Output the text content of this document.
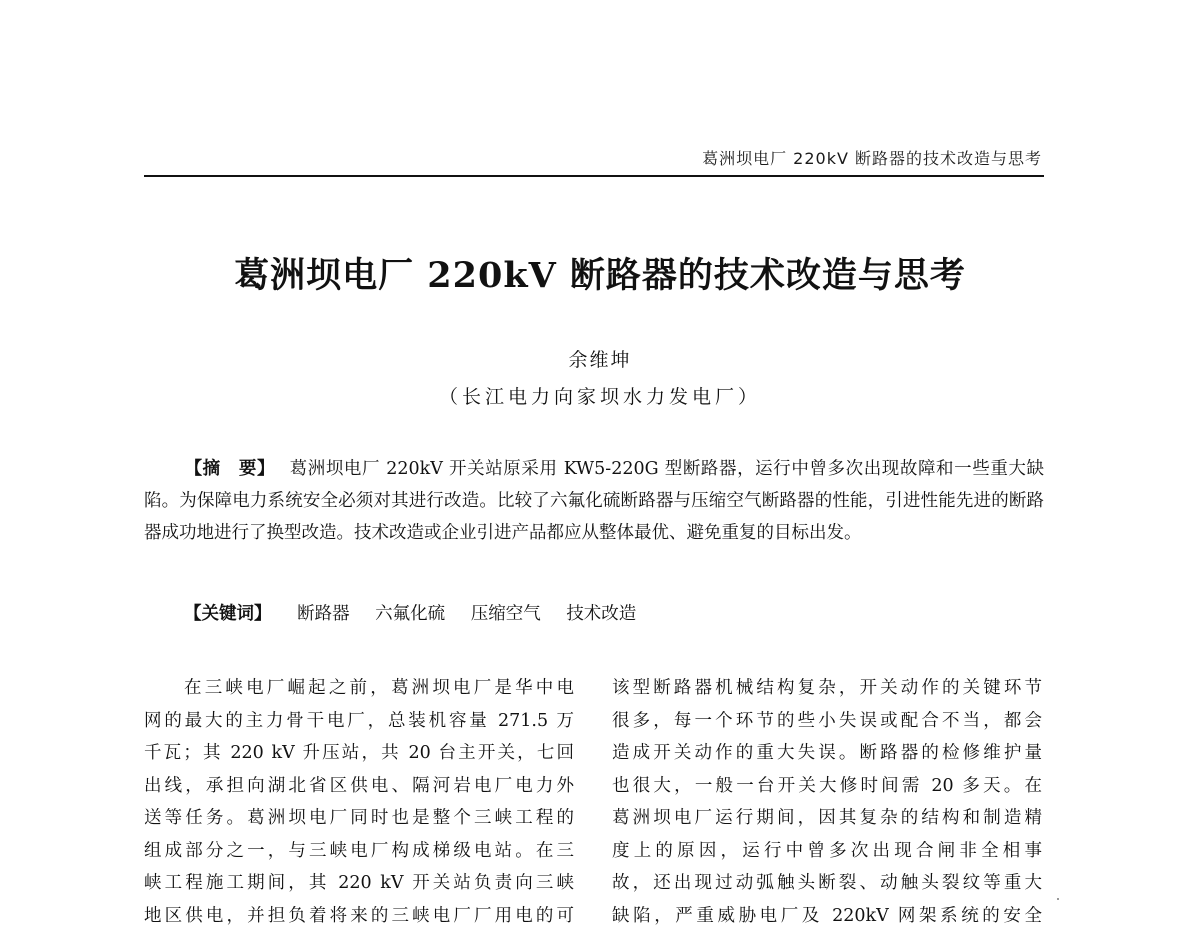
葛洲坝电厂 220kV 断路器的技术改造与思考
葛洲坝电厂 220kV 断路器的技术改造与思考
余维坤
（长江电力向家坝水力发电厂）
【摘　要】 葛洲坝电厂 220kV 开关站原采用 KW5-220G 型断路器，运行中曾多次出现故障和一些重大缺陷。为保障电力系统安全必须对其进行改造。比较了六氟化硫断路器与压缩空气断路器的性能，引进性能先进的断路器成功地进行了换型改造。技术改造或企业引进产品都应从整体最优、避免重复的目标出发。
【关键词】 断路器 六氟化硫 压缩空气 技术改造
在三峡电厂崛起之前，葛洲坝电厂是华中电
网的最大的主力骨干电厂，总装机容量 271.5 万
千瓦；其 220 kV 升压站，共 20 台主开关，七回
出线，承担向湖北省区供电、隔河岩电厂电力外
送等任务。葛洲坝电厂同时也是整个三峡工程的
组成部分之一，与三峡电厂构成梯级电站。在三
峡工程施工期间，其 220 kV 开关站负责向三峡
地区供电，并担负着将来的三峡电厂厂用电的可
该型断路器机械结构复杂，开关动作的关键环节
很多，每一个环节的些小失误或配合不当，都会
造成开关动作的重大失误。断路器的检修维护量
也很大，一般一台开关大修时间需 20 多天。在
葛洲坝电厂运行期间，因其复杂的结构和制造精
度上的原因，运行中曾多次出现合闸非全相事
故，还出现过动弧触头断裂、动触头裂纹等重大
缺陷，严重威胁电厂及 220kV 网架系统的安全
